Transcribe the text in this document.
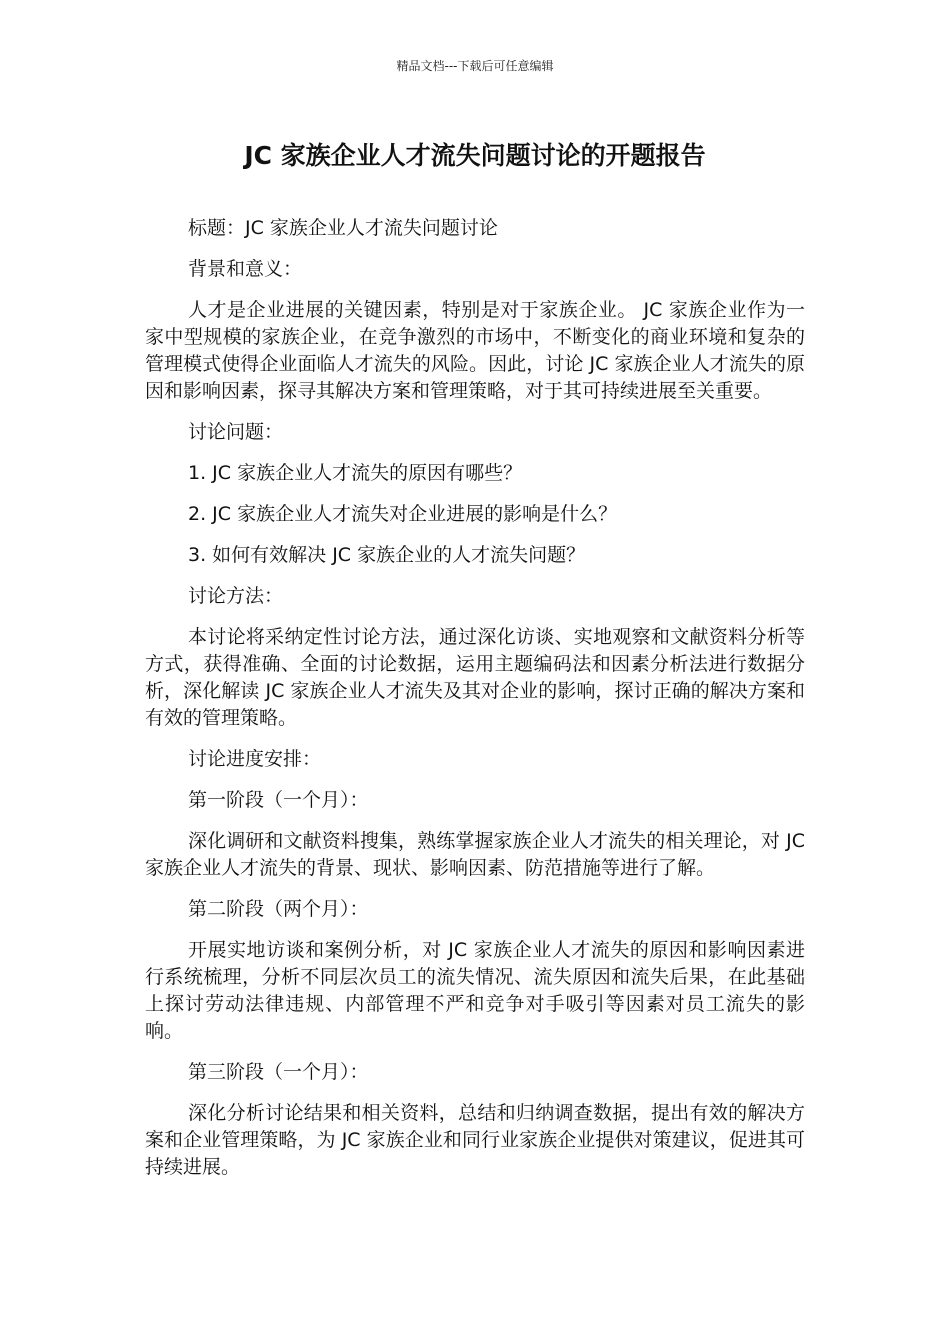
精品文档---下载后可任意编辑
JC 家族企业人才流失问题讨论的开题报告

标题：JC 家族企业人才流失问题讨论

背景和意义：

人才是企业进展的关键因素，特别是对于家族企业。 JC 家族企业作为一家中型规模的家族企业，在竞争激烈的市场中，不断变化的商业环境和复杂的管理模式使得企业面临人才流失的风险。因此，讨论 JC 家族企业人才流失的原因和影响因素，探寻其解决方案和管理策略，对于其可持续进展至关重要。

讨论问题：

1. JC 家族企业人才流失的原因有哪些？

2. JC 家族企业人才流失对企业进展的影响是什么？

3. 如何有效解决 JC 家族企业的人才流失问题？

讨论方法：

本讨论将采纳定性讨论方法，通过深化访谈、实地观察和文献资料分析等方式，获得准确、全面的讨论数据，运用主题编码法和因素分析法进行数据分析，深化解读 JC 家族企业人才流失及其对企业的影响，探讨正确的解决方案和有效的管理策略。

讨论进度安排：

第一阶段（一个月）：

深化调研和文献资料搜集，熟练掌握家族企业人才流失的相关理论，对 JC 家族企业人才流失的背景、现状、影响因素、防范措施等进行了解。

第二阶段（两个月）：

开展实地访谈和案例分析，对 JC 家族企业人才流失的原因和影响因素进行系统梳理，分析不同层次员工的流失情况、流失原因和流失后果，在此基础上探讨劳动法律违规、内部管理不严和竞争对手吸引等因素对员工流失的影响。

第三阶段（一个月）：

深化分析讨论结果和相关资料，总结和归纳调查数据，提出有效的解决方案和企业管理策略，为 JC 家族企业和同行业家族企业提供对策建议，促进其可持续进展。
